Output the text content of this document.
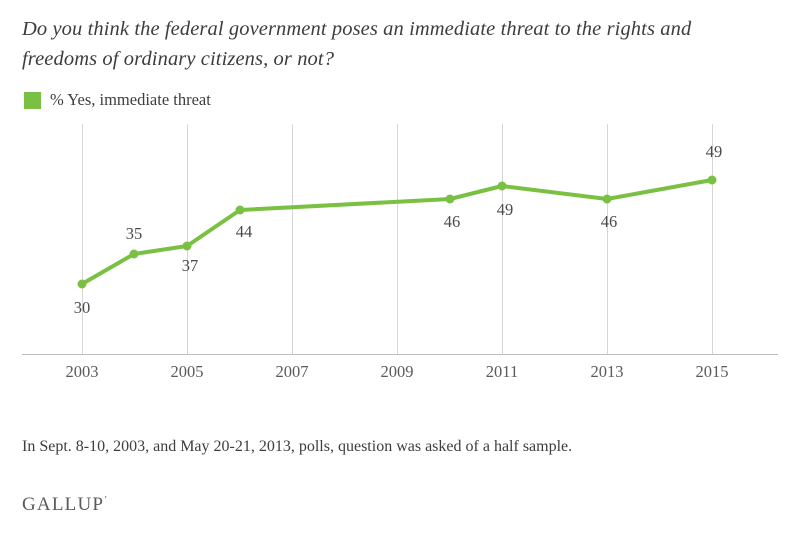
Do you think the federal government poses an immediate threat to the rights and freedoms of ordinary citizens, or not?
% Yes, immediate threat
30
35
37
44
46
49
46
49
2003	2005	2007	2009	2011	2013	2015
In Sept. 8-10, 2003, and May 20-21, 2013, polls, question was asked of a half sample.
GALLUP’
